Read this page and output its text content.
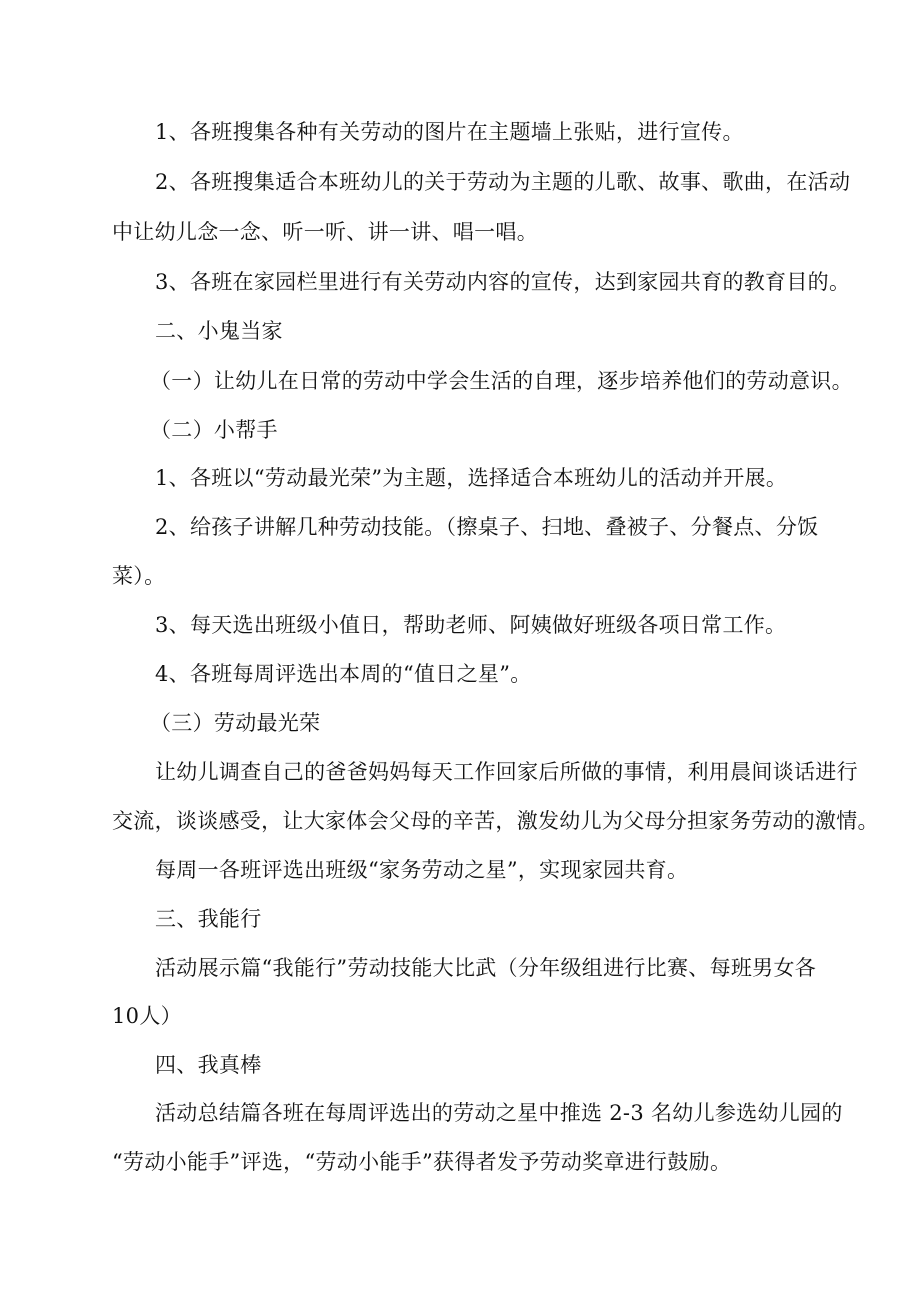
1、各班搜集各种有关劳动的图片在主题墙上张贴，进行宣传。
2、各班搜集适合本班幼儿的关于劳动为主题的儿歌、故事、歌曲，在活动
中让幼儿念一念、听一听、讲一讲、唱一唱。
3、各班在家园栏里进行有关劳动内容的宣传，达到家园共育的教育目的。
二、小鬼当家
（一）让幼儿在日常的劳动中学会生活的自理，逐步培养他们的劳动意识。
（二）小帮手
1、各班以“劳动最光荣”为主题，选择适合本班幼儿的活动并开展。
2、给孩子讲解几种劳动技能。（擦桌子、扫地、叠被子、分餐点、分饭
菜）。
3、每天选出班级小值日，帮助老师、阿姨做好班级各项日常工作。
4、各班每周评选出本周的“值日之星”。
（三）劳动最光荣
让幼儿调查自己的爸爸妈妈每天工作回家后所做的事情，利用晨间谈话进行
交流，谈谈感受，让大家体会父母的辛苦，激发幼儿为父母分担家务劳动的激情。
每周一各班评选出班级“家务劳动之星”，实现家园共育。
三、我能行
活动展示篇“我能行”劳动技能大比武（分年级组进行比赛、每班男女各
10人）
四、我真棒
活动总结篇各班在每周评选出的劳动之星中推选 2-3 名幼儿参选幼儿园的
“劳动小能手”评选，“劳动小能手”获得者发予劳动奖章进行鼓励。
